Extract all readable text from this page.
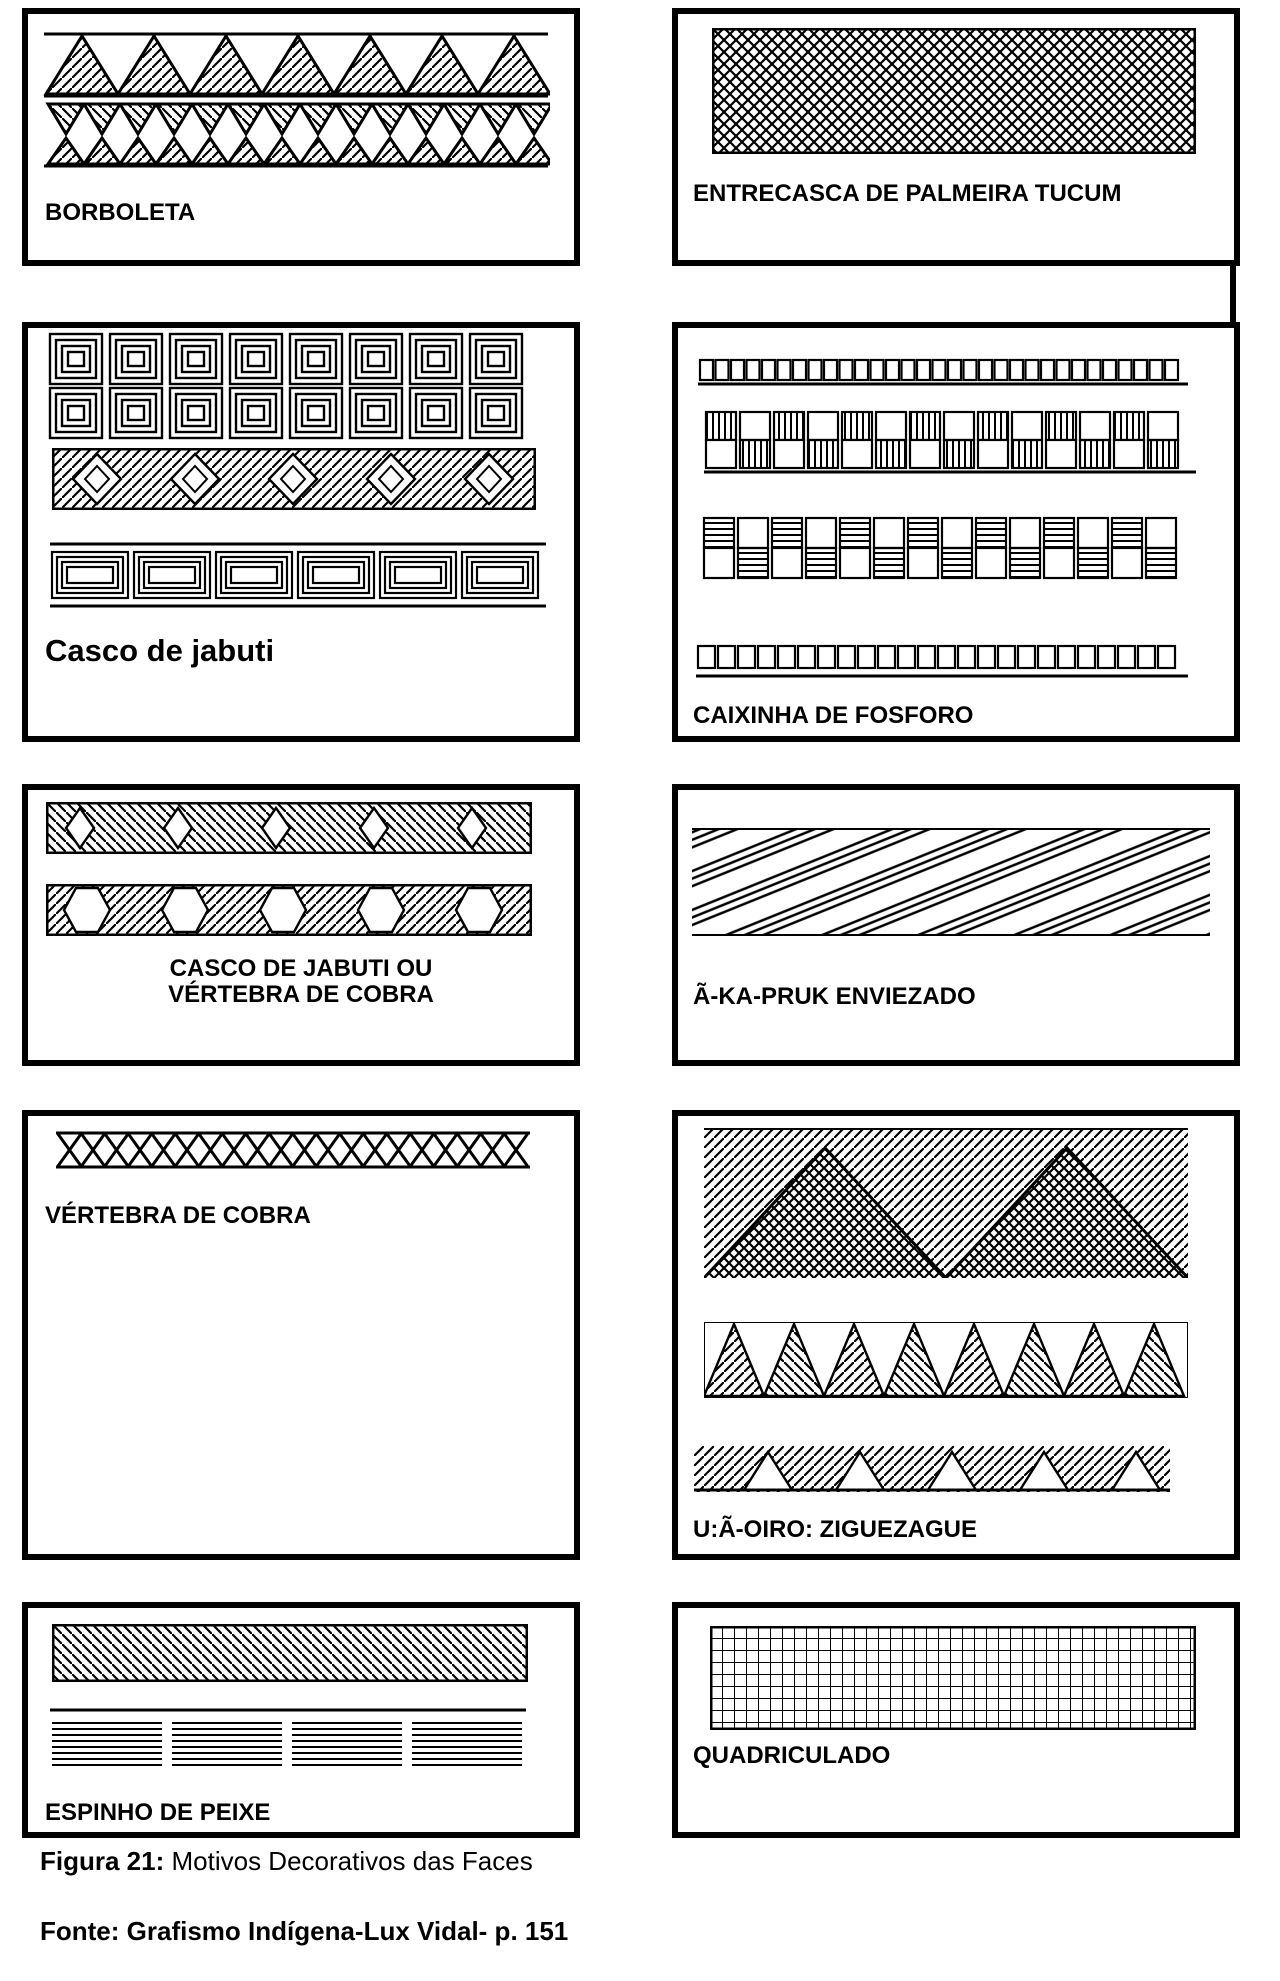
BORBOLETA
ENTRECASCA DE PALMEIRA TUCUM
Casco de jabuti
CAIXINHA DE FOSFORO
CASCO DE JABUTI OU
VÉRTEBRA DE COBRA	Ã-KA-PRUK ENVIEZADO
VÉRTEBRA DE COBRA
U:Ã-OIRO: ZIGUEZAGUE
ESPINHO DE PEIXE
QUADRICULADO
Figura 21: Motivos Decorativos das Faces
Fonte: Grafismo Indígena-Lux Vidal- p. 151
